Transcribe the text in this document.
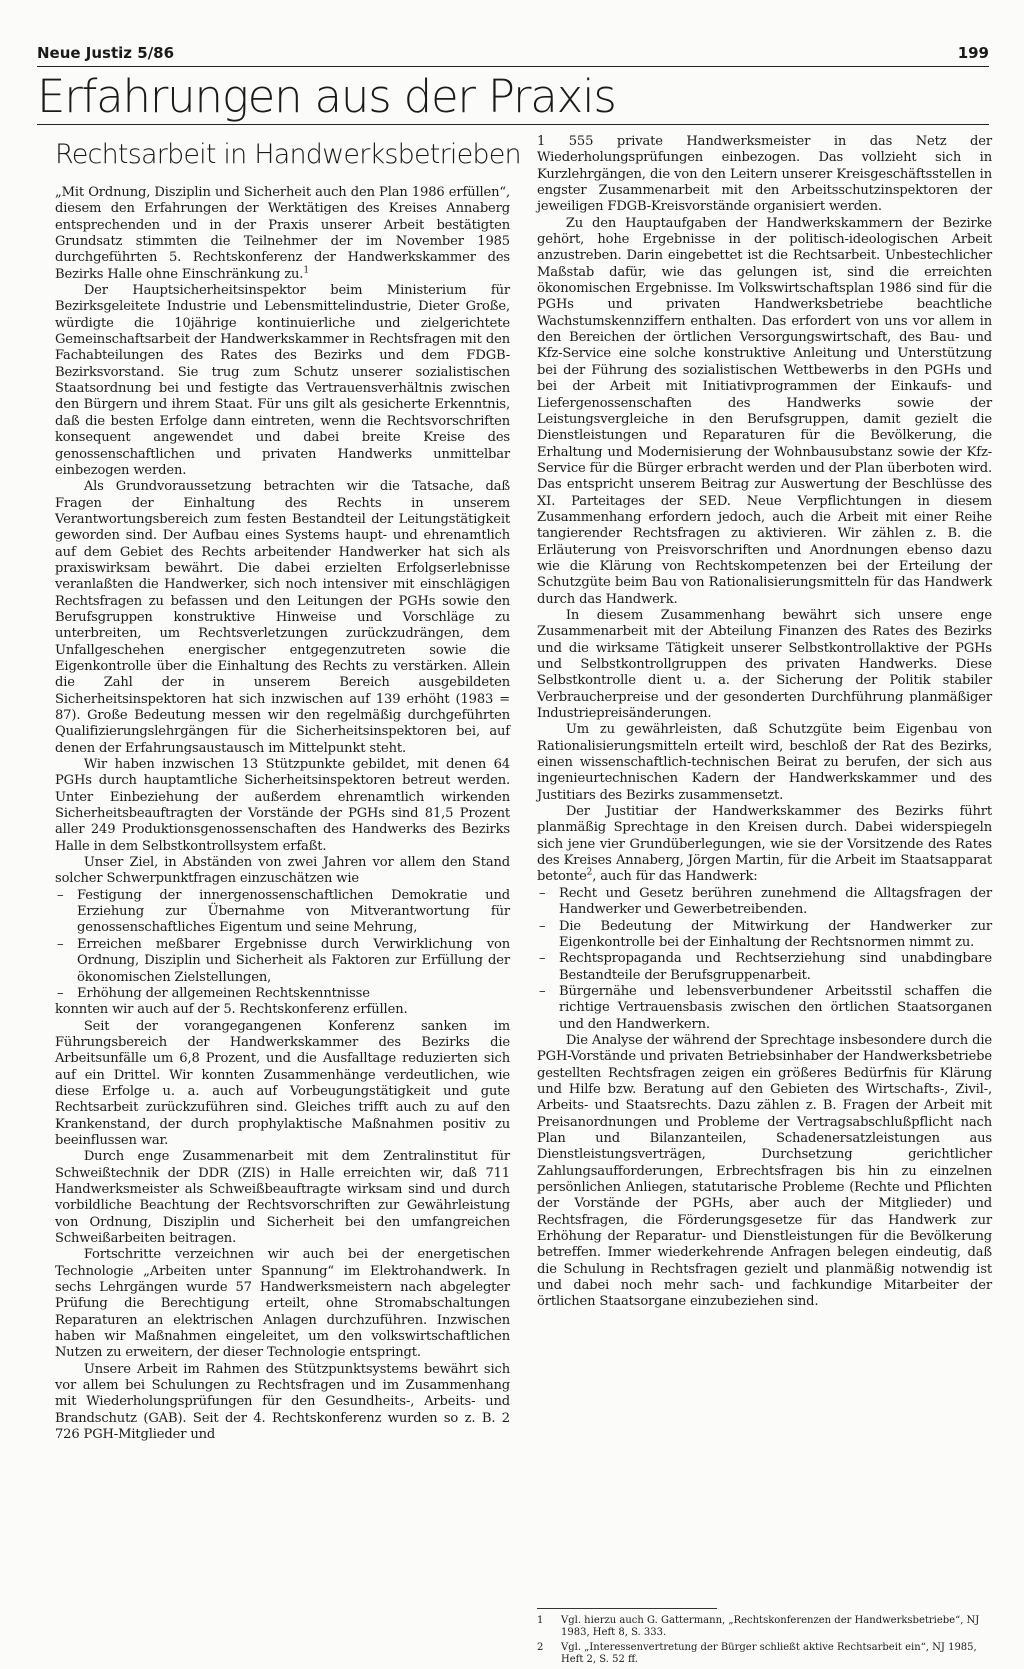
Neue Justiz 5/86	199
Erfahrungen aus der Praxis
Rechtsarbeit in Handwerksbetrieben

„Mit Ordnung, Disziplin und Sicherheit auch den Plan 1986 erfüllen“, diesem den Erfahrungen der Werktätigen des Kreises Annaberg entsprechenden und in der Praxis unserer Arbeit bestätigten Grundsatz stimmten die Teilnehmer der im November 1985 durchgeführten 5. Rechtskonferenz der Handwerkskammer des Bezirks Halle ohne Einschränkung zu.$^1$

Der Hauptsicherheitsinspektor beim Ministerium für Bezirksgeleitete Industrie und Lebensmittelindustrie, Dieter Große, würdigte die 10jährige kontinuierliche und zielgerichtete Gemeinschaftsarbeit der Handwerkskammer in Rechtsfragen mit den Fachabteilungen des Rates des Bezirks und dem FDGB-Bezirksvorstand. Sie trug zum Schutz unserer sozialistischen Staatsordnung bei und festigte das Vertrauensverhältnis zwischen den Bürgern und ihrem Staat. Für uns gilt als gesicherte Erkenntnis, daß die besten Erfolge dann eintreten, wenn die Rechtsvorschriften konsequent angewendet und dabei breite Kreise des genossenschaftlichen und privaten Handwerks unmittelbar einbezogen werden.

Als Grundvoraussetzung betrachten wir die Tatsache, daß Fragen der Einhaltung des Rechts in unserem Verantwortungsbereich zum festen Bestandteil der Leitungstätigkeit geworden sind. Der Aufbau eines Systems haupt- und ehrenamtlich auf dem Gebiet des Rechts arbeitender Handwerker hat sich als praxiswirksam bewährt. Die dabei erzielten Erfolgserlebnisse veranlaßten die Handwerker, sich noch intensiver mit einschlägigen Rechtsfragen zu befassen und den Leitungen der PGHs sowie den Berufsgruppen konstruktive Hinweise und Vorschläge zu unterbreiten, um Rechtsverletzungen zurückzudrängen, dem Unfallgeschehen energischer entgegenzutreten sowie die Eigenkontrolle über die Einhaltung des Rechts zu verstärken. Allein die Zahl der in unserem Bereich ausgebildeten Sicherheitsinspektoren hat sich inzwischen auf 139 erhöht (1983 = 87). Große Bedeutung messen wir den regelmäßig durchgeführten Qualifizierungslehrgängen für die Sicherheitsinspektoren bei, auf denen der Erfahrungsaustausch im Mittelpunkt steht.

Wir haben inzwischen 13 Stützpunkte gebildet, mit denen 64 PGHs durch hauptamtliche Sicherheitsinspektoren betreut werden. Unter Einbeziehung der außerdem ehrenamtlich wirkenden Sicherheitsbeauftragten der Vorstände der PGHs sind 81,5 Prozent aller 249 Produktionsgenossenschaften des Handwerks des Bezirks Halle in dem Selbstkontrollsystem erfaßt.

Unser Ziel, in Abständen von zwei Jahren vor allem den Stand solcher Schwerpunktfragen einzuschätzen wie

– Festigung der innergenossenschaftlichen Demokratie und Erziehung zur Übernahme von Mitverantwortung für genossenschaftliches Eigentum und seine Mehrung,
– Erreichen meßbarer Ergebnisse durch Verwirklichung von Ordnung, Disziplin und Sicherheit als Faktoren zur Erfüllung der ökonomischen Zielstellungen,
– Erhöhung der allgemeinen Rechtskenntnisse

konnten wir auch auf der 5. Rechtskonferenz erfüllen.

Seit der vorangegangenen Konferenz sanken im Führungsbereich der Handwerkskammer des Bezirks die Arbeitsunfälle um 6,8 Prozent, und die Ausfalltage reduzierten sich auf ein Drittel. Wir konnten Zusammenhänge verdeutlichen, wie diese Erfolge u. a. auch auf Vorbeugungstätigkeit und gute Rechtsarbeit zurückzuführen sind. Gleiches trifft auch zu auf den Krankenstand, der durch prophylaktische Maßnahmen positiv zu beeinflussen war.

Durch enge Zusammenarbeit mit dem Zentralinstitut für Schweißtechnik der DDR (ZIS) in Halle erreichten wir, daß 711 Handwerksmeister als Schweißbeauftragte wirksam sind und durch vorbildliche Beachtung der Rechtsvorschriften zur Gewährleistung von Ordnung, Disziplin und Sicherheit bei den umfangreichen Schweißarbeiten beitragen.

Fortschritte verzeichnen wir auch bei der energetischen Technologie „Arbeiten unter Spannung“ im Elektrohandwerk. In sechs Lehrgängen wurde 57 Handwerksmeistern nach abgelegter Prüfung die Berechtigung erteilt, ohne Stromabschaltungen Reparaturen an elektrischen Anlagen durchzuführen. Inzwischen haben wir Maßnahmen eingeleitet, um den volkswirtschaftlichen Nutzen zu erweitern, der dieser Technologie entspringt.

Unsere Arbeit im Rahmen des Stützpunktsystems bewährt sich vor allem bei Schulungen zu Rechtsfragen und im Zusammenhang mit Wiederholungsprüfungen für den Gesundheits-, Arbeits- und Brandschutz (GAB). Seit der 4. Rechtskonferenz wurden so z. B. 2 726 PGH-Mitglieder und

1 555 private Handwerksmeister in das Netz der Wiederholungsprüfungen einbezogen. Das vollzieht sich in Kurzlehrgängen, die von den Leitern unserer Kreisgeschäftsstellen in engster Zusammenarbeit mit den Arbeitsschutzinspektoren der jeweiligen FDGB-Kreisvorstände organisiert werden.

Zu den Hauptaufgaben der Handwerkskammern der Bezirke gehört, hohe Ergebnisse in der politisch-ideologischen Arbeit anzustreben. Darin eingebettet ist die Rechtsarbeit. Unbestechlicher Maßstab dafür, wie das gelungen ist, sind die erreichten ökonomischen Ergebnisse. Im Volkswirtschaftsplan 1986 sind für die PGHs und privaten Handwerksbetriebe beachtliche Wachstumskennziffern enthalten. Das erfordert von uns vor allem in den Bereichen der örtlichen Versorgungswirtschaft, des Bau- und Kfz-Service eine solche konstruktive Anleitung und Unterstützung bei der Führung des sozialistischen Wettbewerbs in den PGHs und bei der Arbeit mit Initiativprogrammen der Einkaufs- und Liefergenossenschaften des Handwerks sowie der Leistungsvergleiche in den Berufsgruppen, damit gezielt die Dienstleistungen und Reparaturen für die Bevölkerung, die Erhaltung und Modernisierung der Wohnbausubstanz sowie der Kfz-Service für die Bürger erbracht werden und der Plan überboten wird. Das entspricht unserem Beitrag zur Auswertung der Beschlüsse des XI. Parteitages der SED. Neue Verpflichtungen in diesem Zusammenhang erfordern jedoch, auch die Arbeit mit einer Reihe tangierender Rechtsfragen zu aktivieren. Wir zählen z. B. die Erläuterung von Preisvorschriften und Anordnungen ebenso dazu wie die Klärung von Rechtskompetenzen bei der Erteilung der Schutzgüte beim Bau von Rationalisierungsmitteln für das Handwerk durch das Handwerk.

In diesem Zusammenhang bewährt sich unsere enge Zusammenarbeit mit der Abteilung Finanzen des Rates des Bezirks und die wirksame Tätigkeit unserer Selbstkontrollaktive der PGHs und Selbstkontrollgruppen des privaten Handwerks. Diese Selbstkontrolle dient u. a. der Sicherung der Politik stabiler Verbraucherpreise und der gesonderten Durchführung planmäßiger Industriepreisänderungen.

Um zu gewährleisten, daß Schutzgüte beim Eigenbau von Rationalisierungsmitteln erteilt wird, beschloß der Rat des Bezirks, einen wissenschaftlich-technischen Beirat zu berufen, der sich aus ingenieurtechnischen Kadern der Handwerkskammer und des Justitiars des Bezirks zusammensetzt.

Der Justitiar der Handwerkskammer des Bezirks führt planmäßig Sprechtage in den Kreisen durch. Dabei widerspiegeln sich jene vier Grundüberlegungen, wie sie der Vorsitzende des Rates des Kreises Annaberg, Jörgen Martin, für die Arbeit im Staatsapparat betonte$^2$, auch für das Handwerk:

– Recht und Gesetz berühren zunehmend die Alltagsfragen der Handwerker und Gewerbetreibenden.
– Die Bedeutung der Mitwirkung der Handwerker zur Eigenkontrolle bei der Einhaltung der Rechtsnormen nimmt zu.
– Rechtspropaganda und Rechtserziehung sind unabdingbare Bestandteile der Berufsgruppenarbeit.
– Bürgernähe und lebensverbundener Arbeitsstil schaffen die richtige Vertrauensbasis zwischen den örtlichen Staatsorganen und den Handwerkern.

Die Analyse der während der Sprechtage insbesondere durch die PGH-Vorstände und privaten Betriebsinhaber der Handwerksbetriebe gestellten Rechtsfragen zeigen ein größeres Bedürfnis für Klärung und Hilfe bzw. Beratung auf den Gebieten des Wirtschafts-, Zivil-, Arbeits- und Staatsrechts. Dazu zählen z. B. Fragen der Arbeit mit Preisanordnungen und Probleme der Vertragsabschlußpflicht nach Plan und Bilanzanteilen, Schadenersatzleistungen aus Dienstleistungsverträgen, Durchsetzung gerichtlicher Zahlungsaufforderungen, Erbrechtsfragen bis hin zu einzelnen persönlichen Anliegen, statutarische Probleme (Rechte und Pflichten der Vorstände der PGHs, aber auch der Mitglieder) und Rechtsfragen, die Förderungsgesetze für das Handwerk zur Erhöhung der Reparatur- und Dienstleistungen für die Bevölkerung betreffen. Immer wiederkehrende Anfragen belegen eindeutig, daß die Schulung in Rechtsfragen gezielt und planmäßig notwendig ist und dabei noch mehr sach- und fachkundige Mitarbeiter der örtlichen Staatsorgane einzubeziehen sind.

1	Vgl. hierzu auch G. Gattermann, „Rechtskonferenzen der Handwerksbetriebe“, NJ 1983, Heft 8, S. 333.
2	Vgl. „Interessenvertretung der Bürger schließt aktive Rechtsarbeit ein“, NJ 1985, Heft 2, S. 52 ff.
